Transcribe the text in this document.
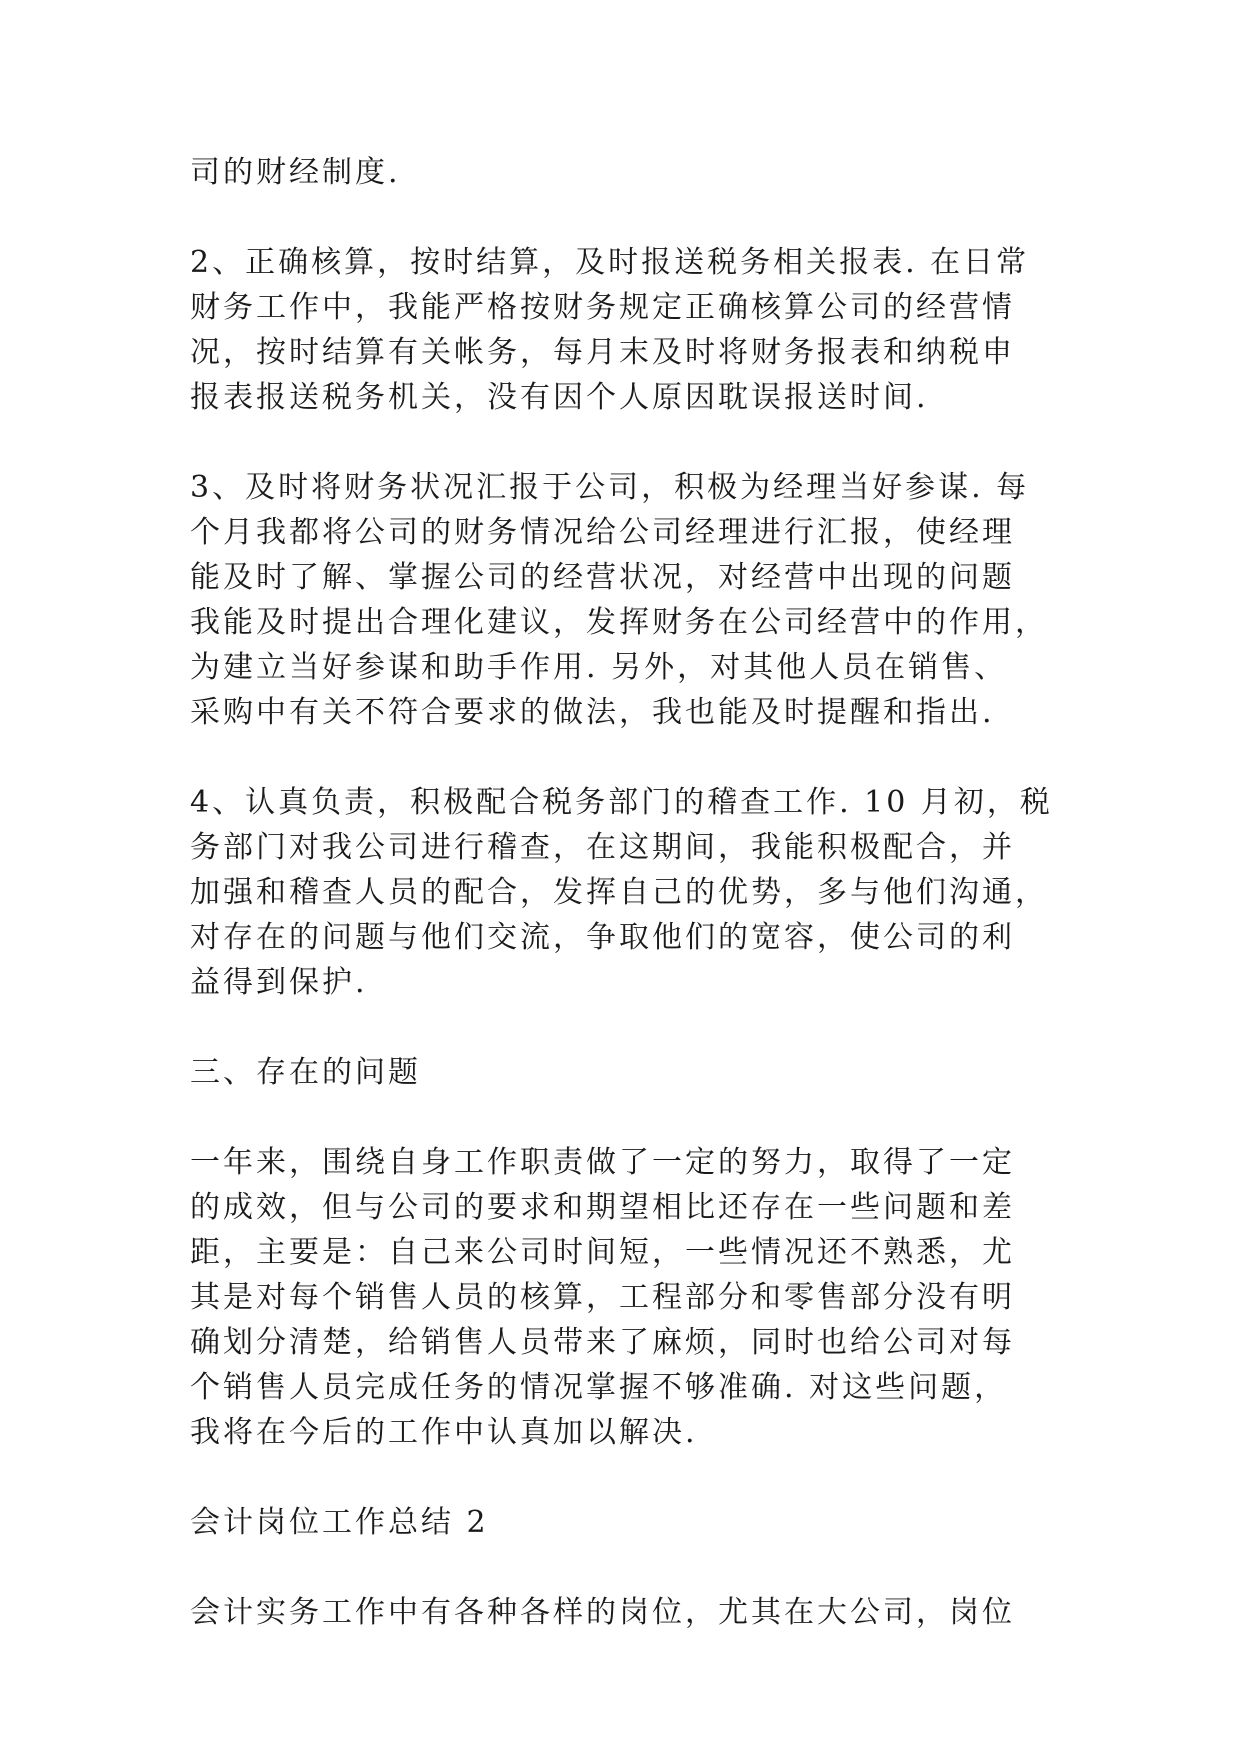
司的财经制度.

2、正确核算，按时结算，及时报送税务相关报表. 在日常
财务工作中，我能严格按财务规定正确核算公司的经营情
况，按时结算有关帐务，每月末及时将财务报表和纳税申
报表报送税务机关，没有因个人原因耽误报送时间.

3、及时将财务状况汇报于公司，积极为经理当好参谋. 每
个月我都将公司的财务情况给公司经理进行汇报，使经理
能及时了解、掌握公司的经营状况，对经营中出现的问题
我能及时提出合理化建议，发挥财务在公司经营中的作用，
为建立当好参谋和助手作用. 另外，对其他人员在销售、
采购中有关不符合要求的做法，我也能及时提醒和指出.

4、认真负责，积极配合税务部门的稽查工作. 10 月初，税
务部门对我公司进行稽查，在这期间，我能积极配合，并
加强和稽查人员的配合，发挥自己的优势，多与他们沟通，
对存在的问题与他们交流，争取他们的宽容，使公司的利
益得到保护.

三、存在的问题

一年来，围绕自身工作职责做了一定的努力，取得了一定
的成效，但与公司的要求和期望相比还存在一些问题和差
距，主要是：自己来公司时间短，一些情况还不熟悉，尤
其是对每个销售人员的核算，工程部分和零售部分没有明
确划分清楚，给销售人员带来了麻烦，同时也给公司对每
个销售人员完成任务的情况掌握不够准确. 对这些问题，
我将在今后的工作中认真加以解决.

会计岗位工作总结 2

会计实务工作中有各种各样的岗位，尤其在大公司，岗位
